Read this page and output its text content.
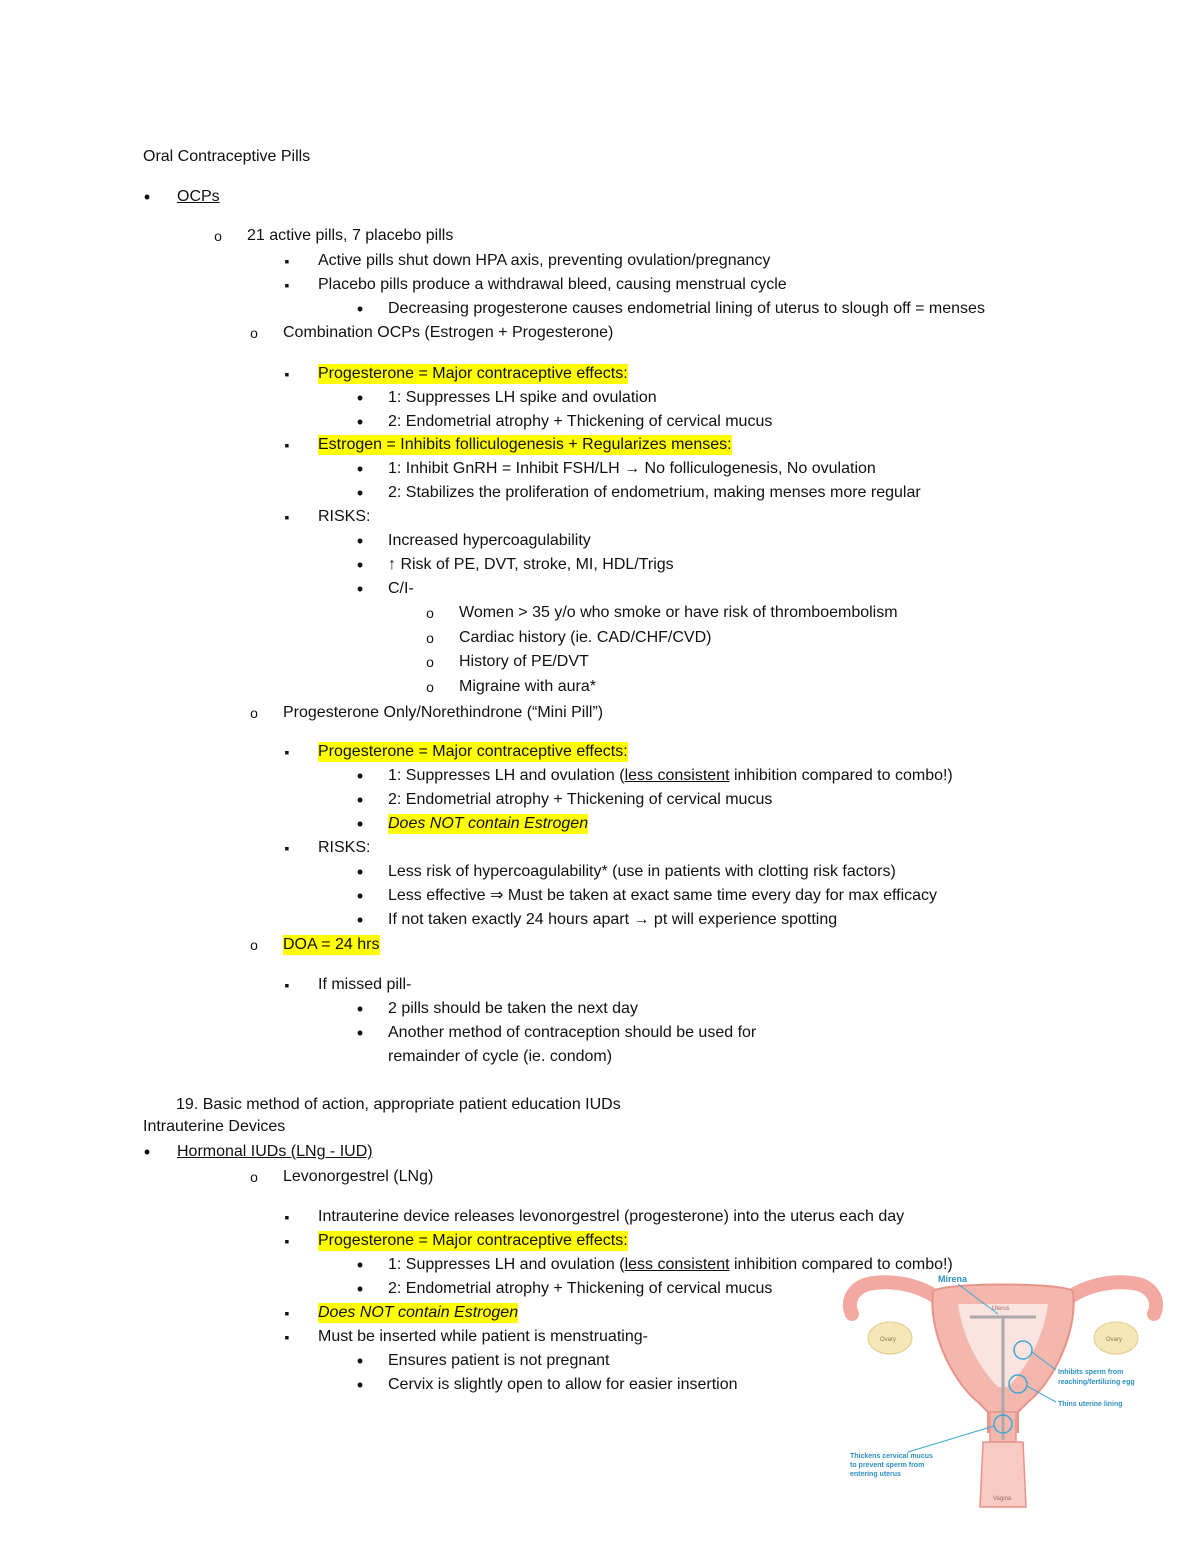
Oral Contraceptive Pills
•
OCPs
o
21 active pills, 7 placebo pills
▪
Active pills shut down HPA axis, preventing ovulation/pregnancy
▪
Placebo pills produce a withdrawal bleed, causing menstrual cycle
•
Decreasing progesterone causes endometrial lining of uterus to slough off = menses
o
Combination OCPs (Estrogen + Progesterone)
▪
Progesterone = Major contraceptive effects:
•
1: Suppresses LH spike and ovulation
•
2: Endometrial atrophy + Thickening of cervical mucus
▪
Estrogen = Inhibits folliculogenesis + Regularizes menses:
•
1: Inhibit GnRH = Inhibit FSH/LH → No folliculogenesis, No ovulation
•
2: Stabilizes the proliferation of endometrium, making menses more regular
▪
RISKS:
•
Increased hypercoagulability
•
↑ Risk of PE, DVT, stroke, MI, HDL/Trigs
•
C/I-
o
Women > 35 y/o who smoke or have risk of thromboembolism
o
Cardiac history (ie. CAD/CHF/CVD)
o
History of PE/DVT
o
Migraine with aura*
o
Progesterone Only/Norethindrone (“Mini Pill”)
▪
Progesterone = Major contraceptive effects:
•
1: Suppresses LH and ovulation (less consistent inhibition compared to combo!)
•
2: Endometrial atrophy + Thickening of cervical mucus
•
Does NOT contain Estrogen
▪
RISKS:
•
Less risk of hypercoagulability* (use in patients with clotting risk factors)
•
Less effective ⇒ Must be taken at exact same time every day for max efficacy
•
If not taken exactly 24 hours apart → pt will experience spotting
o
DOA = 24 hrs
▪
If missed pill-
•
2 pills should be taken the next day
•
Another method of contraception should be used for
remainder of cycle (ie. condom)
19. Basic method of action, appropriate patient education IUDs
Intrauterine Devices
•
Hormonal IUDs (LNg - IUD)
o
Levonorgestrel (LNg)
▪
Intrauterine device releases levonorgestrel (progesterone) into the uterus each day
▪
Progesterone = Major contraceptive effects:
•
1: Suppresses LH and ovulation (less consistent inhibition compared to combo!)
•
2: Endometrial atrophy + Thickening of cervical mucus
▪
Does NOT contain Estrogen
▪
Must be inserted while patient is menstruating-
•
Ensures patient is not pregnant
•
Cervix is slightly open to allow for easier insertion
Mirena
Uterus
Ovary	Ovary
Inhibits sperm from
reaching/fertilizing egg
Thins uterine lining
Thickens cervical mucus
to prevent sperm from
entering uterus
Vagina
